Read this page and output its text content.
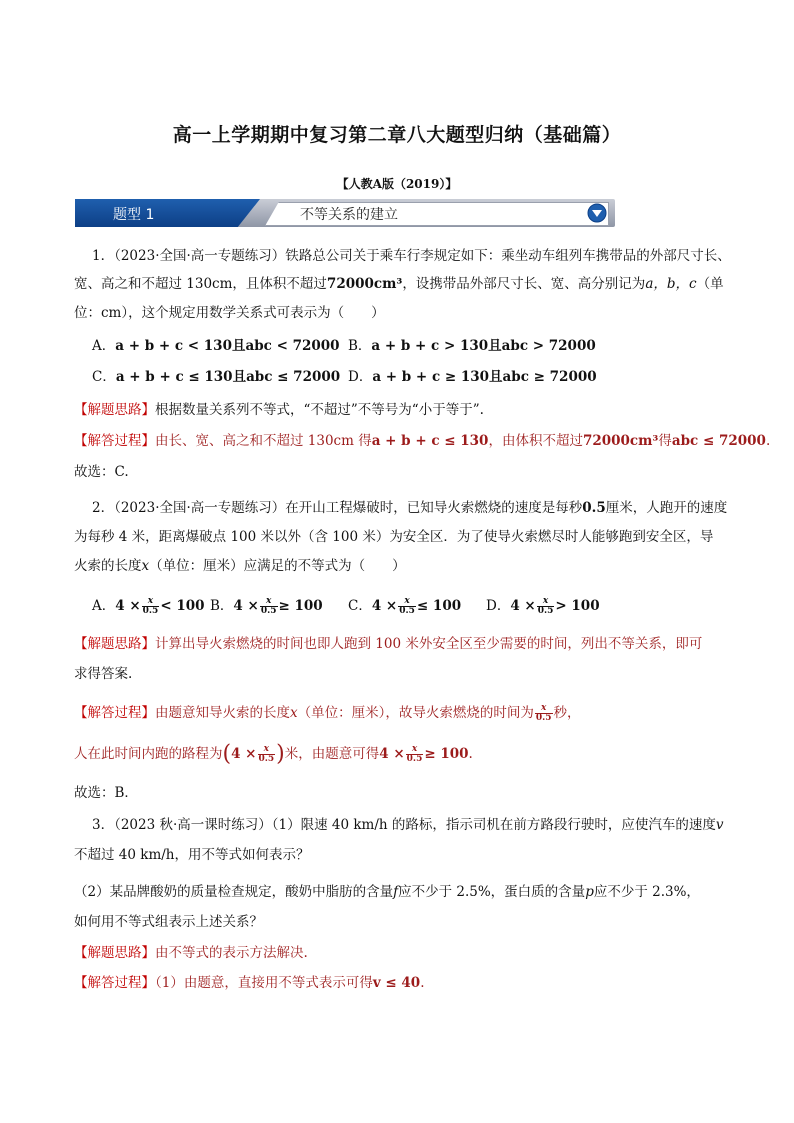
高一上学期期中复习第二章八大题型归纳（基础篇）
【人教A版（2019）】
题型 1	不等关系的建立
1．（2023·全国·高一专题练习）铁路总公司关于乘车行李规定如下：乘坐动车组列车携带品的外部尺寸长、
宽、高之和不超过 130cm，且体积不超过72000cm³，设携带品外部尺寸长、宽、高分别记为a，b，c（单
位：cm），这个规定用数学关系式可表示为（　　）
A．a + b + c < 130且abc < 72000 B．a + b + c > 130且abc > 72000
C．a + b + c ≤ 130且abc ≤ 72000 D．a + b + c ≥ 130且abc ≥ 72000
【解题思路】根据数量关系列不等式，“不超过”不等号为“小于等于”.
【解答过程】由长、宽、高之和不超过 130cm 得a + b + c ≤ 130，由体积不超过72000cm³得abc ≤ 72000.
故选：C.
2．（2023·全国·高一专题练习）在开山工程爆破时，已知导火索燃烧的速度是每秒0.5厘米，人跑开的速度
为每秒 4 米，距离爆破点 100 米以外（含 100 米）为安全区．为了使导火索燃尽时人能够跑到安全区，导
火索的长度x（单位：厘米）应满足的不等式为（　　）
A．$4 \times \frac{x}{0.5} < 100$ B．$4 \times \frac{x}{0.5} \ge 100$ C．$4 \times \frac{x}{0.5} \le 100$ D．$4 \times \frac{x}{0.5} > 100$
【解题思路】计算出导火索燃烧的时间也即人跑到 100 米外安全区至少需要的时间，列出不等关系，即可
求得答案.
【解答过程】由题意知导火索的长度x（单位：厘米），故导火索燃烧的时间为 $\frac{x}{0.5}$ 秒，
人在此时间内跑的路程为($4 \times \frac{x}{0.5}$ )米，由题意可得$4 \times \frac{x}{0.5} \ge 100$.
故选：B．
3．（2023 秋·高一课时练习）（1）限速 40 km/h 的路标，指示司机在前方路段行驶时，应使汽车的速度v
不超过 40 km/h，用不等式如何表示？
（2）某品牌酸奶的质量检查规定，酸奶中脂肪的含量f应不少于 2.5%，蛋白质的含量p应不少于 2.3%，
如何用不等式组表示上述关系？
【解题思路】由不等式的表示方法解决.
【解答过程】（1）由题意，直接用不等式表示可得v ≤ 40.
